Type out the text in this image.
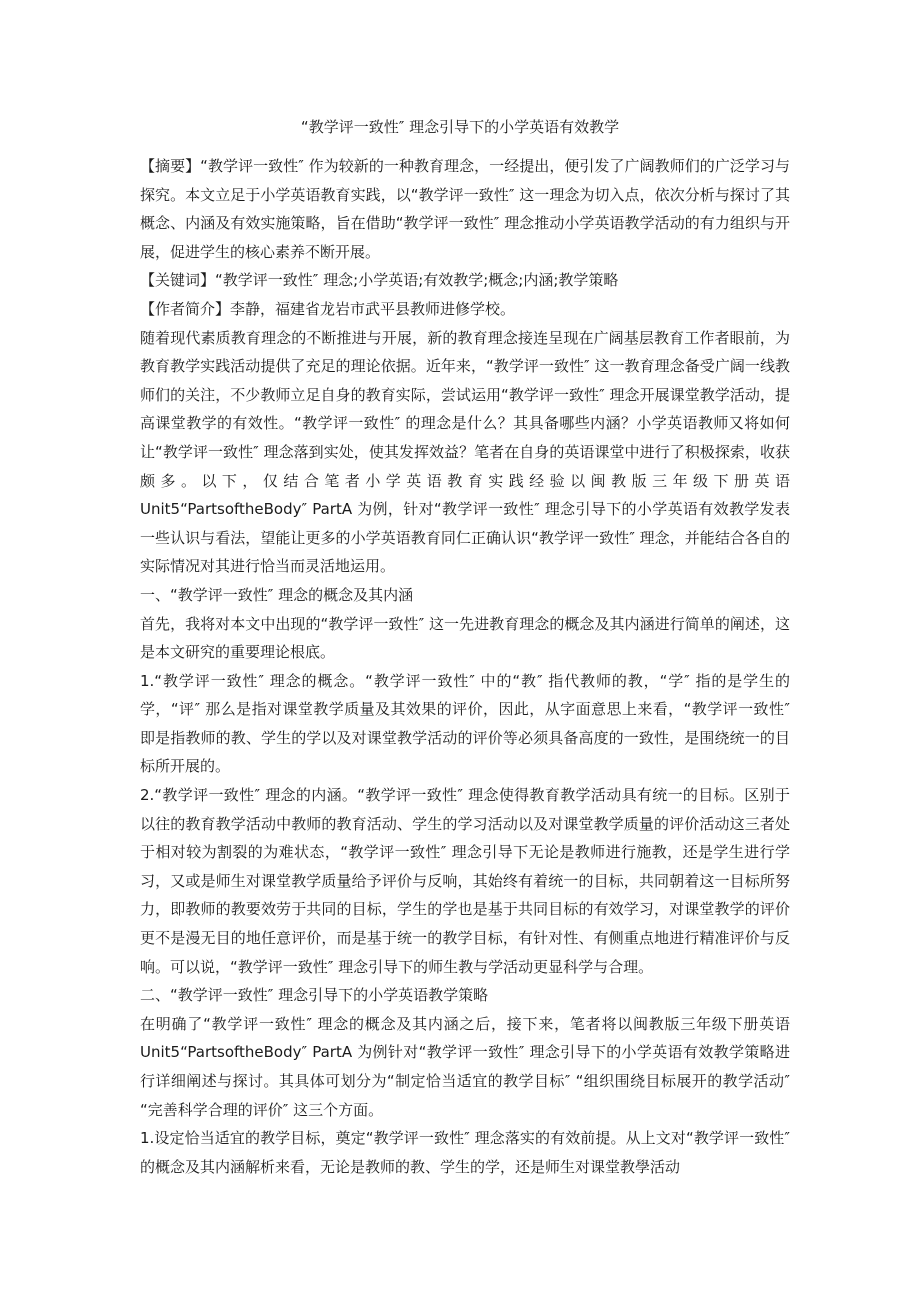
“教学评一致性″ 理念引导下的小学英语有效教学

【摘要】“教学评一致性″ 作为较新的一种教育理念，一经提出，便引发了广阔教师们的广泛学习与探究。本文立足于小学英语教育实践，以“教学评一致性″ 这一理念为切入点，依次分析与探讨了其概念、内涵及有效实施策略，旨在借助“教学评一致性″ 理念推动小学英语教学活动的有力组织与开展，促进学生的核心素养不断开展。

【关键词】“教学评一致性″ 理念;小学英语;有效教学;概念;内涵;教学策略

【作者简介】李静，福建省龙岩市武平县教师进修学校。

随着现代素质教育理念的不断推进与开展，新的教育理念接连呈现在广阔基层教育工作者眼前，为教育教学实践活动提供了充足的理论依据。近年来，“教学评一致性″ 这一教育理念备受广阔一线教师们的关注，不少教师立足自身的教育实际，尝试运用“教学评一致性″ 理念开展课堂教学活动，提高课堂教学的有效性。“教学评一致性″ 的理念是什么？其具备哪些内涵？小学英语教师又将如何让“教学评一致性″ 理念落到实处，使其发挥效益？笔者在自身的英语课堂中进行了积极探索，收获颇多。以下，仅结合笔者小学英语教育实践经验以闽教版三年级下册英语 Unit5“PartsoftheBody″ PartA 为例，针对“教学评一致性″ 理念引导下的小学英语有效教学发表一些认识与看法，望能让更多的小学英语教育同仁正确认识“教学评一致性″ 理念，并能结合各自的实际情况对其进行恰当而灵活地运用。

一、“教学评一致性″ 理念的概念及其内涵

首先，我将对本文中出现的“教学评一致性″ 这一先进教育理念的概念及其内涵进行简单的阐述，这是本文研究的重要理论根底。

1.“教学评一致性″ 理念的概念。“教学评一致性″ 中的“教″ 指代教师的教，“学″ 指的是学生的学，“评″ 那么是指对课堂教学质量及其效果的评价，因此，从字面意思上来看，“教学评一致性″ 即是指教师的教、学生的学以及对课堂教学活动的评价等必须具备高度的一致性，是围绕统一的目标所开展的。

2.“教学评一致性″ 理念的内涵。“教学评一致性″ 理念使得教育教学活动具有统一的目标。区别于以往的教育教学活动中教师的教育活动、学生的学习活动以及对课堂教学质量的评价活动这三者处于相对较为割裂的为难状态，“教学评一致性″ 理念引导下无论是教师进行施教，还是学生进行学习，又或是师生对课堂教学质量给予评价与反响，其始终有着统一的目标，共同朝着这一目标所努力，即教师的教要效劳于共同的目标，学生的学也是基于共同目标的有效学习，对课堂教学的评价更不是漫无目的地任意评价，而是基于统一的教学目标，有针对性、有侧重点地进行精准评价与反响。可以说，“教学评一致性″ 理念引导下的师生教与学活动更显科学与合理。

二、“教学评一致性″ 理念引导下的小学英语教学策略

在明确了“教学评一致性″ 理念的概念及其内涵之后，接下来，笔者将以闽教版三年级下册英语 Unit5“PartsoftheBody″ PartA 为例针对“教学评一致性″ 理念引导下的小学英语有效教学策略进行详细阐述与探讨。其具体可划分为“制定恰当适宜的教学目标″ “组织围绕目标展开的教学活动″ “完善科学合理的评价″ 这三个方面。

1.设定恰当适宜的教学目标，奠定“教学评一致性″ 理念落实的有效前提。从上文对“教学评一致性″ 的概念及其内涵解析来看，无论是教师的教、学生的学，还是师生对课堂教學活动
